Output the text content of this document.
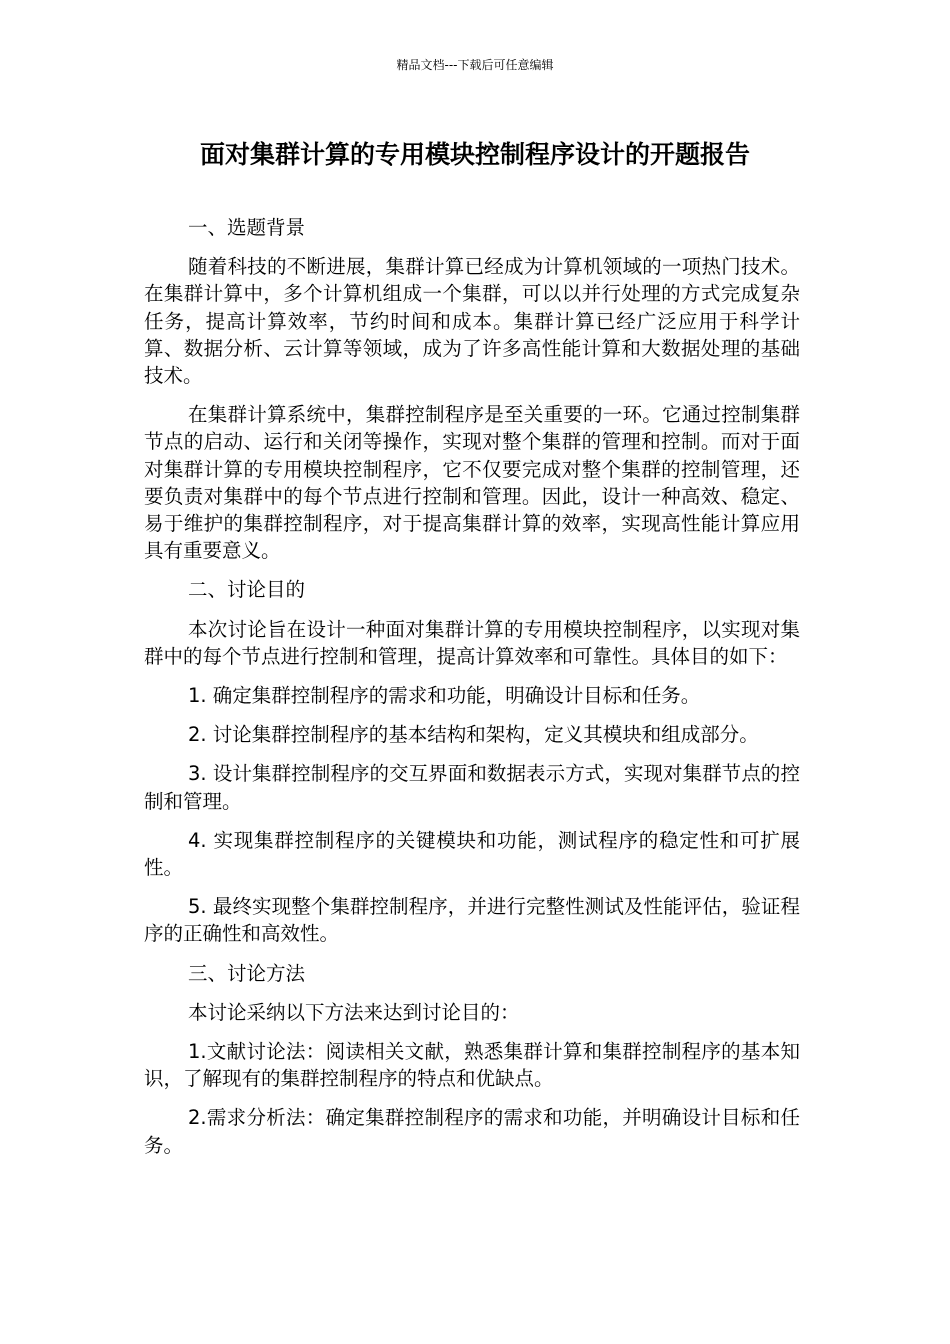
精品文档---下载后可任意编辑
面对集群计算的专用模块控制程序设计的开题报告

一、选题背景

随着科技的不断进展，集群计算已经成为计算机领域的一项热门技术。在集群计算中，多个计算机组成一个集群，可以以并行处理的方式完成复杂任务，提高计算效率，节约时间和成本。集群计算已经广泛应用于科学计算、数据分析、云计算等领域，成为了许多高性能计算和大数据处理的基础技术。

在集群计算系统中，集群控制程序是至关重要的一环。它通过控制集群节点的启动、运行和关闭等操作，实现对整个集群的管理和控制。而对于面对集群计算的专用模块控制程序，它不仅要完成对整个集群的控制管理，还要负责对集群中的每个节点进行控制和管理。因此，设计一种高效、稳定、易于维护的集群控制程序，对于提高集群计算的效率，实现高性能计算应用具有重要意义。

二、讨论目的

本次讨论旨在设计一种面对集群计算的专用模块控制程序，以实现对集群中的每个节点进行控制和管理，提高计算效率和可靠性。具体目的如下：

1. 确定集群控制程序的需求和功能，明确设计目标和任务。

2. 讨论集群控制程序的基本结构和架构，定义其模块和组成部分。

3. 设计集群控制程序的交互界面和数据表示方式，实现对集群节点的控制和管理。

4. 实现集群控制程序的关键模块和功能，测试程序的稳定性和可扩展性。

5. 最终实现整个集群控制程序，并进行完整性测试及性能评估，验证程序的正确性和高效性。

三、讨论方法

本讨论采纳以下方法来达到讨论目的：

1.文献讨论法：阅读相关文献，熟悉集群计算和集群控制程序的基本知识，了解现有的集群控制程序的特点和优缺点。

2.需求分析法：确定集群控制程序的需求和功能，并明确设计目标和任务。
